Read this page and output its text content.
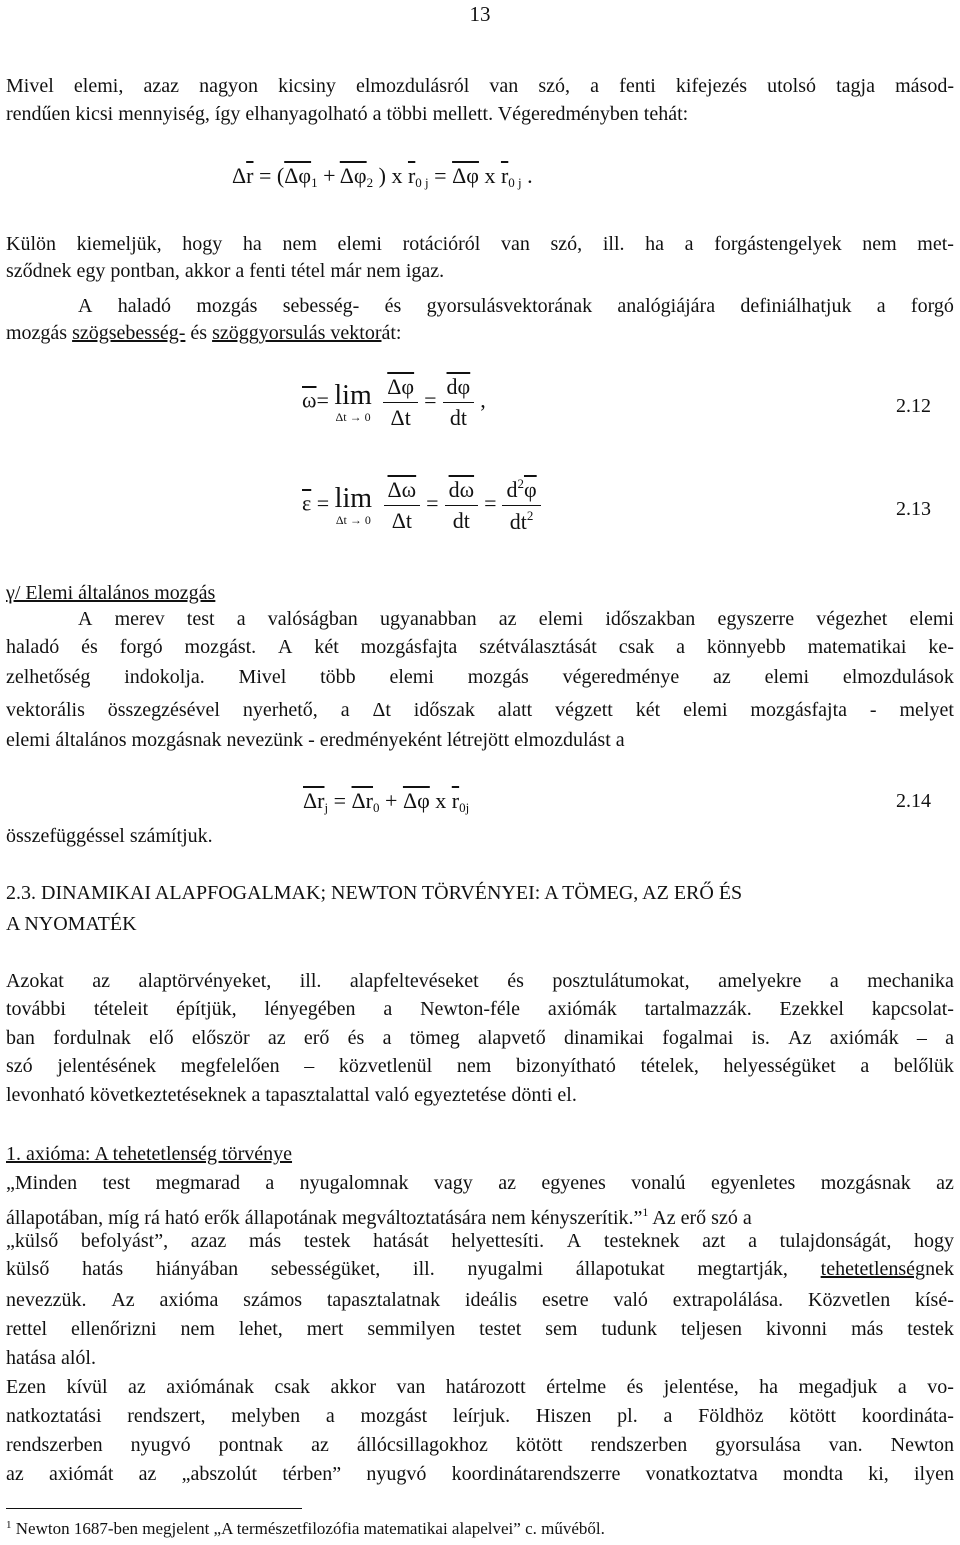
13
Mivel elemi, azaz nagyon kicsiny elmozdulásról van szó, a fenti kifejezés utolsó tagja másod-
rendűen kicsi mennyiség, így elhanyagolható a többi mellett. Végeredményben tehát:
$\Delta\overline{r} = (\overline{\Delta\varphi}_1 + \overline{\Delta\varphi}_2$ ) x $\overline{r}_{0 j} = \overline{\Delta\varphi}$ x $\overline{r}_{0 j}$ .
Külön kiemeljük, hogy ha nem elemi rotációról van szó, ill. ha a forgástengelyek nem met-
sződnek egy pontban, akkor a fenti tétel már nem igaz.
A haladó mozgás sebesség- és gyorsulásvektorának analógiájára definiálhatjuk a forgó
mozgás szögsebesség- és szöggyorsulás vektorát:
$\overline{\omega}= \lim$
Δt → 0
$\frac{\overline{\Delta\varphi}}{\Delta t} = \frac{\overline{d\varphi}}{dt}$ ,	2.12
$\overline{\varepsilon} = \lim$
Δt → 0
$\frac{\overline{\Delta\omega}}{\Delta t} = \frac{\overline{d\omega}}{dt} = \frac{d^2\overline{\varphi}}{dt^2}$	2.13
γ/ Elemi általános mozgás
A merev test a valóságban ugyanabban az elemi időszakban egyszerre végezhet elemi
haladó és forgó mozgást. A két mozgásfajta szétválasztását csak a könnyebb matematikai ke-
zelhetőség indokolja. Mivel több elemi mozgás végeredménye az elemi elmozdulások
vektorális összegzésével nyerhető, a Δt időszak alatt végzett két elemi mozgásfajta - melyet
elemi általános mozgásnak nevezünk - eredményeként létrejött elmozdulást a
$\overline{\Delta r}_j = \overline{\Delta r}_0 + \overline{\Delta\varphi}$ x $\overline{r}_{0j}$	2.14
összefüggéssel számítjuk.
2.3. DINAMIKAI ALAPFOGALMAK; NEWTON TÖRVÉNYEI: A TÖMEG, AZ ERŐ ÉS
A NYOMATÉK
Azokat az alaptörvényeket, ill. alapfeltevéseket és posztulátumokat, amelyekre a mechanika
további tételeit építjük, lényegében a Newton-féle axiómák tartalmazzák. Ezekkel kapcsolat-
ban fordulnak elő először az erő és a tömeg alapvető dinamikai fogalmai is. Az axiómák – a
szó jelentésének megfelelően – közvetlenül nem bizonyítható tételek, helyességüket a belőlük
levonható következtetéseknek a tapasztalattal való egyeztetése dönti el.
1. axióma: A tehetetlenség törvénye
„Minden test megmarad a nyugalomnak vagy az egyenes vonalú egyenletes mozgásnak az
állapotában, míg rá ható erők állapotának megváltoztatására nem kényszerítik.”$^1$ Az erő szó a
„külső befolyást”, azaz más testek hatását helyettesíti. A testeknek azt a tulajdonságát, hogy
külső hatás hiányában sebességüket, ill. nyugalmi állapotukat megtartják, tehetetlenségnek
nevezzük. Az axióma számos tapasztalatnak ideális esetre való extrapolálása. Közvetlen kísé-
rettel ellenőrizni nem lehet, mert semmilyen testet sem tudunk teljesen kivonni más testek
hatása alól.
Ezen kívül az axiómának csak akkor van határozott értelme és jelentése, ha megadjuk a vo-
natkoztatási rendszert, melyben a mozgást leírjuk. Hiszen pl. a Földhöz kötött koordináta-
rendszerben nyugvó pontnak az állócsillagokhoz kötött rendszerben gyorsulása van. Newton
az axiómát az „abszolút térben” nyugvó koordinátarendszerre vonatkoztatva mondta ki, ilyen
$^1$ Newton 1687-ben megjelent „A természetfilozófia matematikai alapelvei” c. művéből.
